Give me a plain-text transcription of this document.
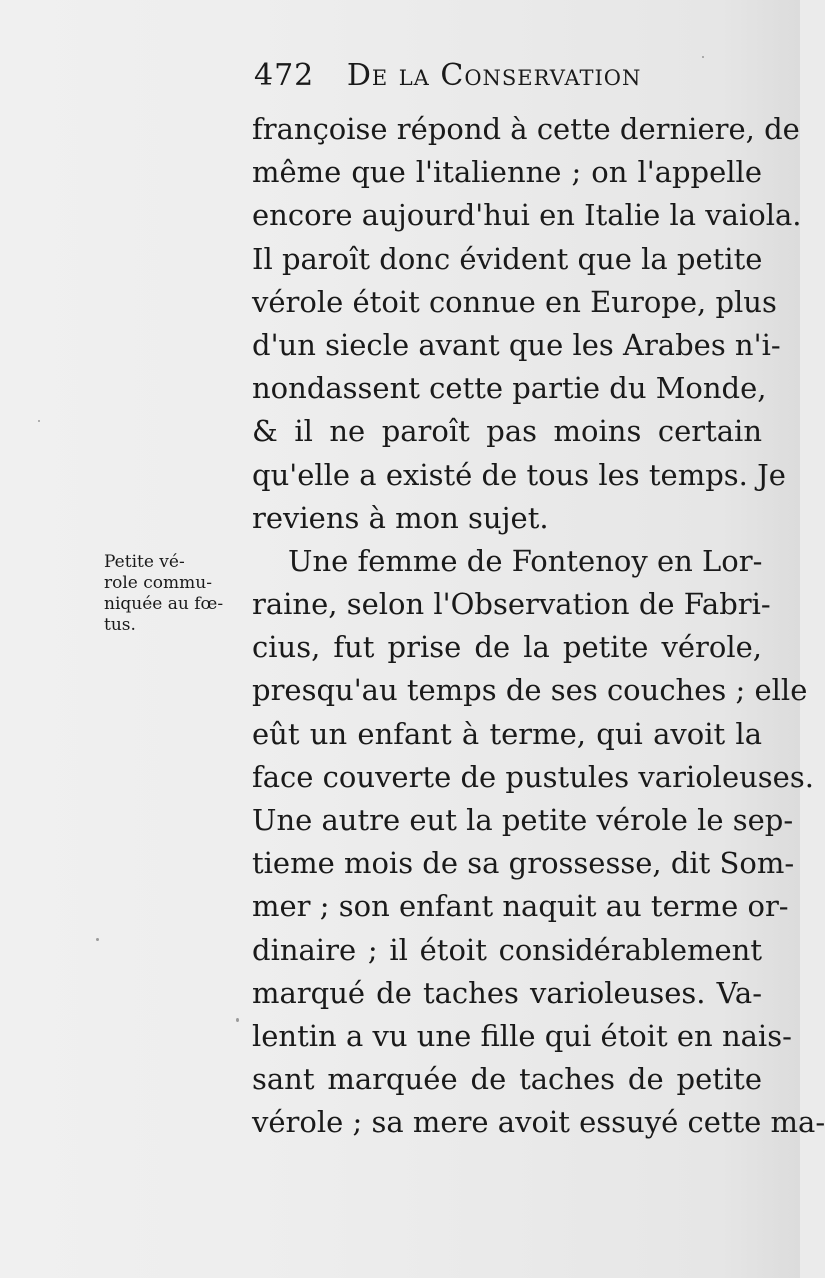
472 De la Conservation
Petite vé-
role commu-
niquée au fœ-
tus.
françoise répond à cette derniere, de
même que l'italienne ; on l'appelle
encore aujourd'hui en Italie la vaiola.
Il paroît donc évident que la petite
vérole étoit connue en Europe, plus
d'un siecle avant que les Arabes n'i-
nondassent cette partie du Monde,
& il ne paroît pas moins certain
qu'elle a existé de tous les temps. Je
reviens à mon sujet.
Une femme de Fontenoy en Lor-
raine, selon l'Observation de Fabri-
cius, fut prise de la petite vérole,
presqu'au temps de ses couches ; elle
eût un enfant à terme, qui avoit la
face couverte de pustules varioleuses.
Une autre eut la petite vérole le sep-
tieme mois de sa grossesse, dit Som-
mer ; son enfant naquit au terme or-
dinaire ; il étoit considérablement
marqué de taches varioleuses. Va-
lentin a vu une fille qui étoit en nais-
sant marquée de taches de petite
vérole ; sa mere avoit essuyé cette ma-
